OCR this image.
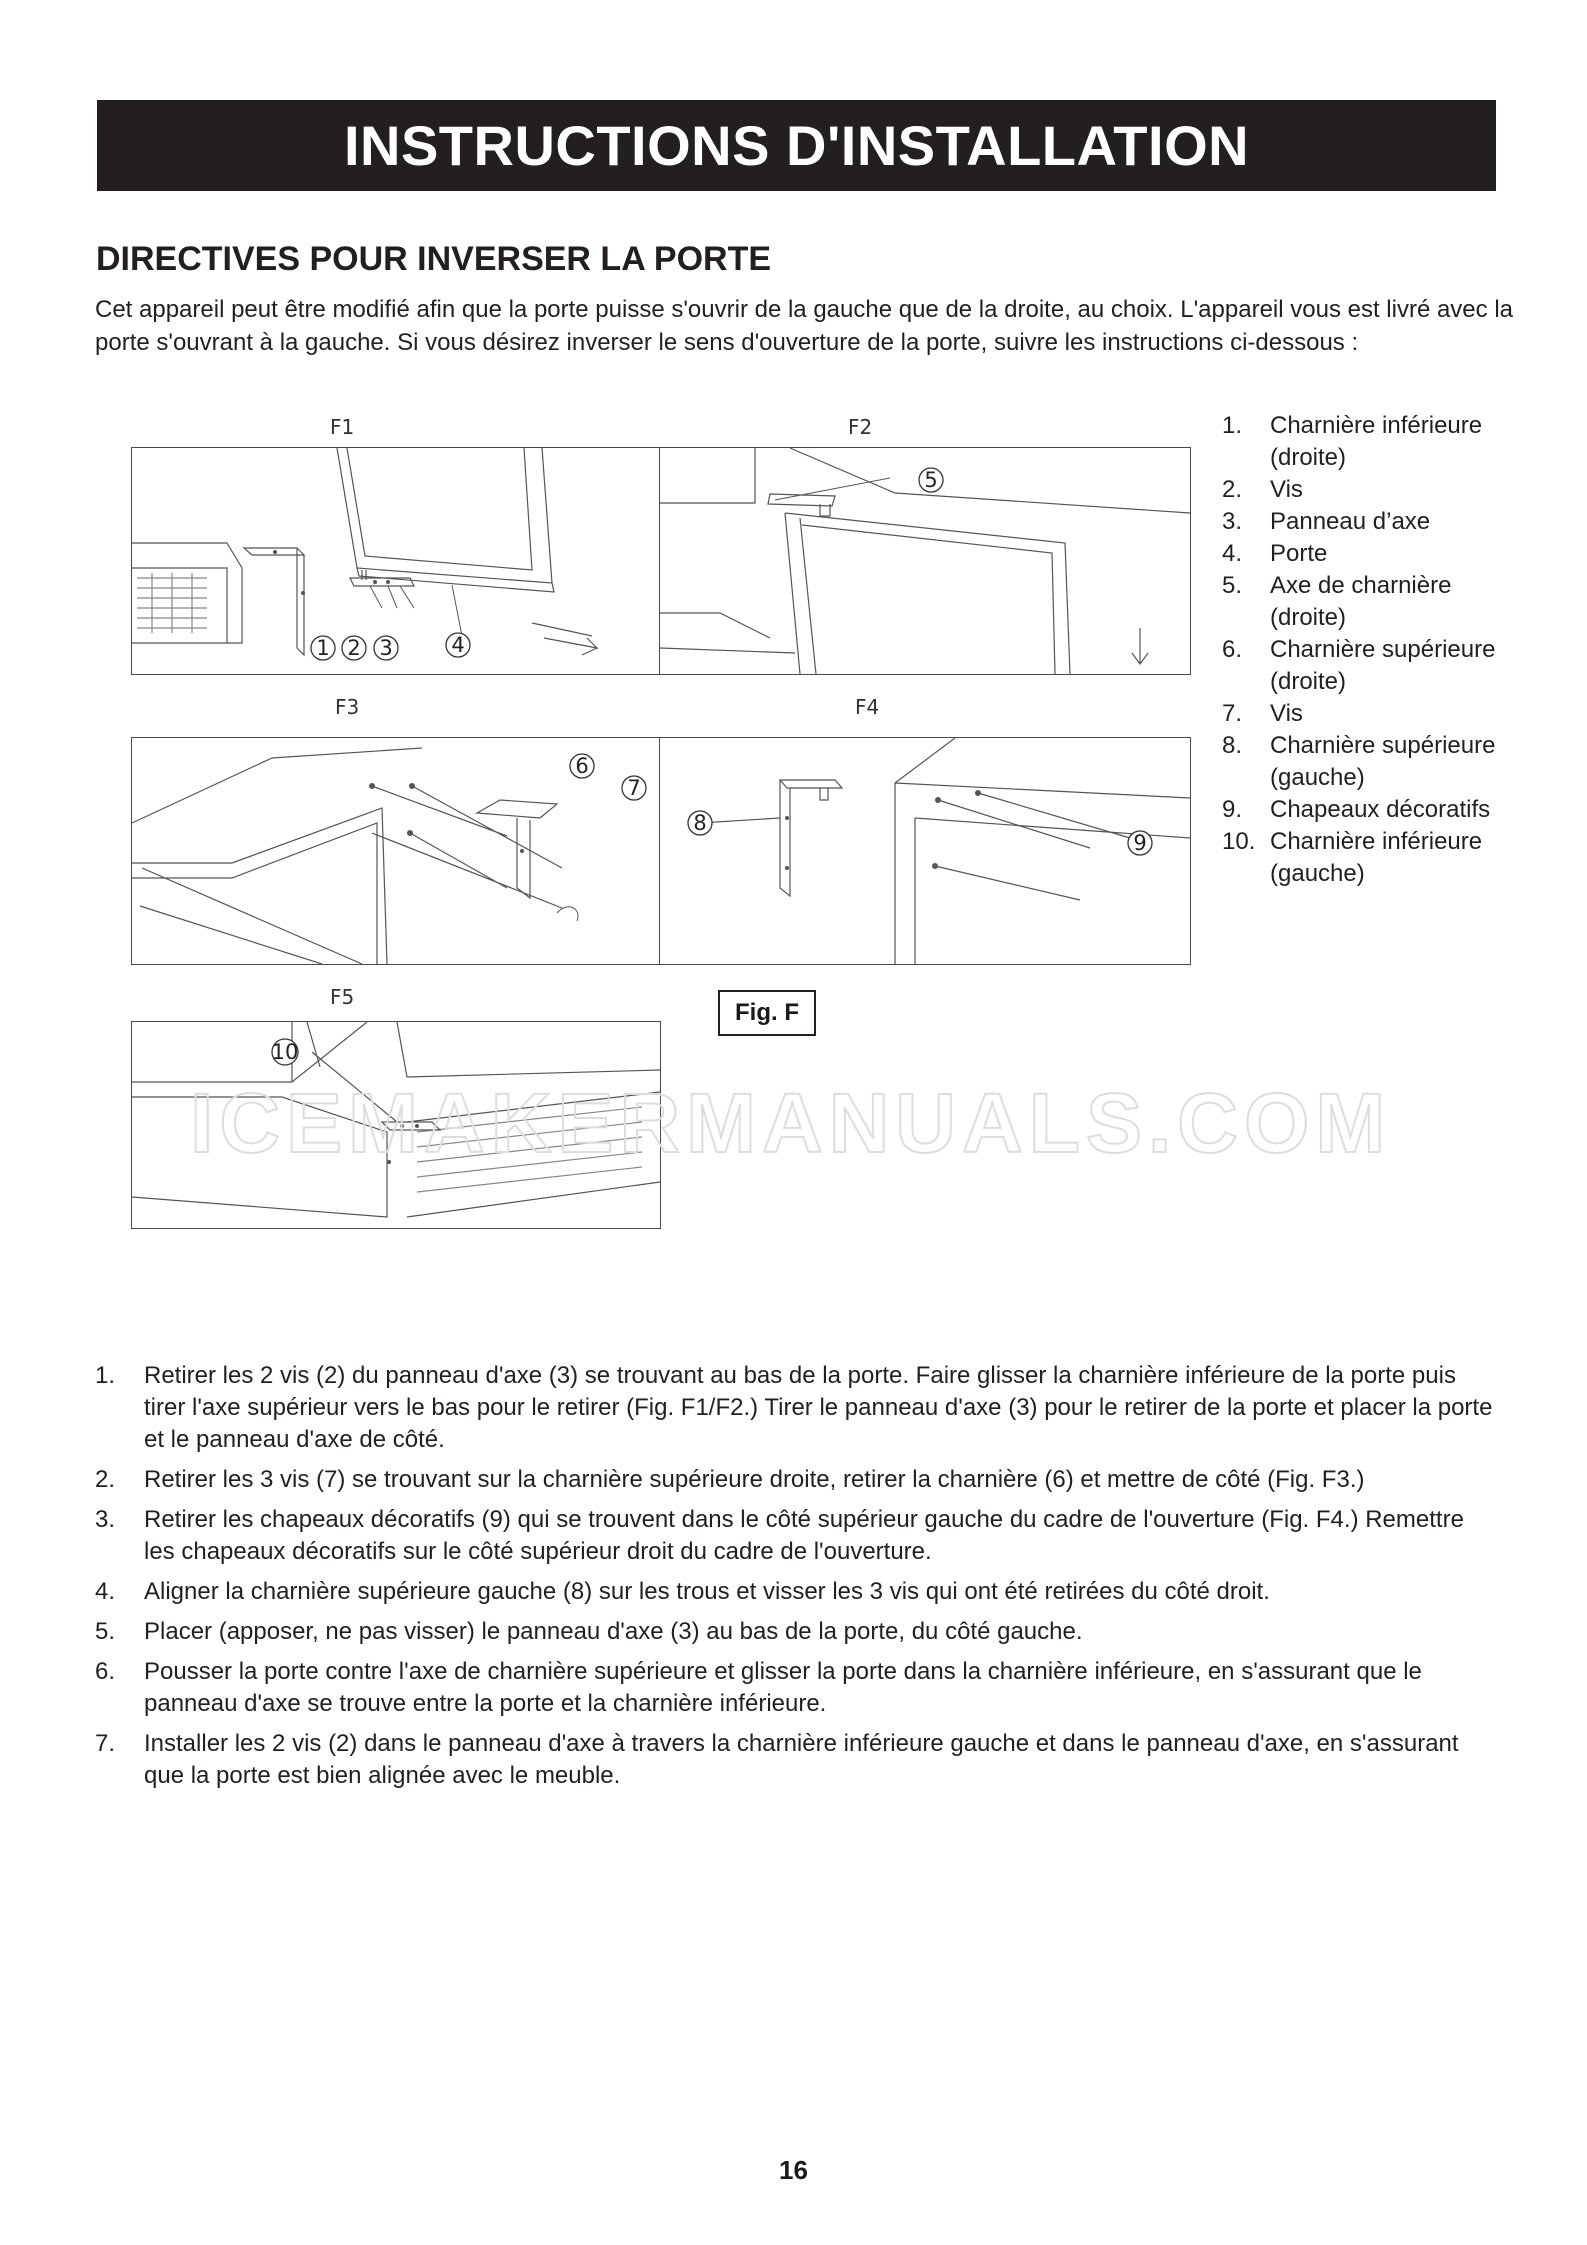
INSTRUCTIONS D'INSTALLATION
DIRECTIVES POUR INVERSER LA PORTE
Cet appareil peut être modifié afin que la porte puisse s'ouvrir de la gauche que de la droite, au choix. L'appareil vous est livré avec la porte s'ouvrant à la gauche. Si vous désirez inverser le sens d'ouverture de la porte, suivre les instructions ci-dessous :
F1
1 2 3	4
F2
5
F3
6
7
F4
8
9
F5
10
Fig. F
ICEMAKERMANUALS.COM
1.	Charnière inférieure (droite)
2.	Vis
3.	Panneau d’axe
4.	Porte
5.	Axe de charnière (droite)
6.	Charnière supérieure (droite)
7.	Vis
8.	Charnière supérieure (gauche)
9.	Chapeaux décoratifs
10. Charnière inférieure (gauche)
1.	Retirer les 2 vis (2) du panneau d'axe (3) se trouvant au bas de la porte. Faire glisser la charnière inférieure de la porte puis tirer l'axe supérieur vers le bas pour le retirer (Fig. F1/F2.) Tirer le panneau d'axe (3) pour le retirer de la porte et placer la porte et le panneau d'axe de côté.
2.	Retirer les 3 vis (7) se trouvant sur la charnière supérieure droite, retirer la charnière (6) et mettre de côté (Fig. F3.)
3.	Retirer les chapeaux décoratifs (9) qui se trouvent dans le côté supérieur gauche du cadre de l'ouverture (Fig. F4.) Remettre les chapeaux décoratifs sur le côté supérieur droit du cadre de l'ouverture.
4.	Aligner la charnière supérieure gauche (8) sur les trous et visser les 3 vis qui ont été retirées du côté droit.
5.	Placer (apposer, ne pas visser) le panneau d'axe (3) au bas de la porte, du côté gauche.
6.	Pousser la porte contre l'axe de charnière supérieure et glisser la porte dans la charnière inférieure, en s'assurant que le panneau d'axe se trouve entre la porte et la charnière inférieure.
7.	Installer les 2 vis (2) dans le panneau d'axe à travers la charnière inférieure gauche et dans le panneau d'axe, en s'assurant que la porte est bien alignée avec le meuble.
16
